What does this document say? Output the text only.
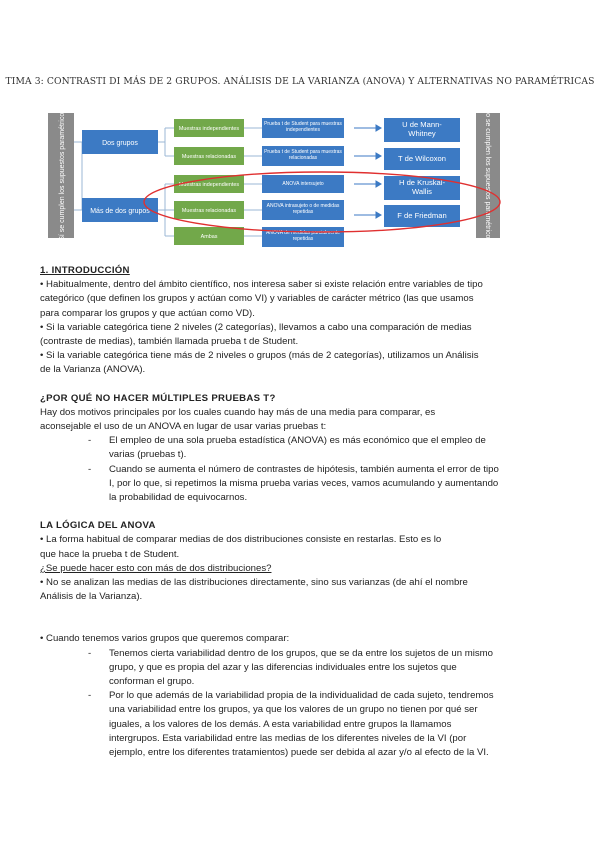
TIMA 3: CONTRASTI DI MÁS DE 2 GRUPOS. ANÁLISIS DE LA VARIANZA (ANOVA) Y ALTERNATIVAS NO PARAMÉTRICAS
Sí se cumplen los supuestos paramétricos	No se cumplen los supuestos paramétricos
Dos grupos
Más de dos grupos
Muestras independientes
Muestras relacionadas
Muestras independientes
Muestras relacionadas
Ambas
Prueba t de Student para muestras independientes
Prueba t de Student para muestras relacionadas
ANOVA intersujeto
ANOVA intrasujeto o de medidas repetidas
ANOVA de medidas parcialmente repetidas
U de Mann-Whitney
T de Wilcoxon
H de Kruskal-Wallis
F de Friedman

1. INTRODUCCIÓN

• Habitualmente, dentro del ámbito científico, nos interesa saber si existe relación entre variables de tipo

categórico (que definen los grupos y actúan como VI) y variables de carácter métrico (las que usamos

para comparar los grupos y que actúan como VD).

• Si la variable categórica tiene 2 niveles (2 categorías), llevamos a cabo una comparación de medias

(contraste de medias), también llamada prueba t de Student.

• Si la variable categórica tiene más de 2 niveles o grupos (más de 2 categorías), utilizamos un Análisis

de la Varianza (ANOVA).

¿POR QUÉ NO HACER MÚLTIPLES PRUEBAS T?

Hay dos motivos principales por los cuales cuando hay más de una media para comparar, es

aconsejable el uso de un ANOVA en lugar de usar varias pruebas t:

- El empleo de una sola prueba estadística (ANOVA) es más económico que el empleo de

varias (pruebas t).

- Cuando se aumenta el número de contrastes de hipótesis, también aumenta el error de tipo

I, por lo que, si repetimos la misma prueba varias veces, vamos acumulando y aumentando

la probabilidad de equivocarnos.

LA LÓGICA DEL ANOVA

• La forma habitual de comparar medias de dos distribuciones consiste en restarlas. Esto es lo

que hace la prueba t de Student.

¿Se puede hacer esto con más de dos distribuciones?

• No se analizan las medias de las distribuciones directamente, sino sus varianzas (de ahí el nombre

Análisis de la Varianza).

• Cuando tenemos varios grupos que queremos comparar:

- Tenemos cierta variabilidad dentro de los grupos, que se da entre los sujetos de un mismo

grupo, y que es propia del azar y las diferencias individuales entre los sujetos que

conforman el grupo.

- Por lo que además de la variabilidad propia de la individualidad de cada sujeto, tendremos

una variabilidad entre los grupos, ya que los valores de un grupo no tienen por qué ser

iguales, a los valores de los demás. A esta variabilidad entre grupos la llamamos

intergrupos. Esta variabilidad entre las medias de los diferentes niveles de la VI (por

ejemplo, entre los diferentes tratamientos) puede ser debida al azar y/o al efecto de la VI.
